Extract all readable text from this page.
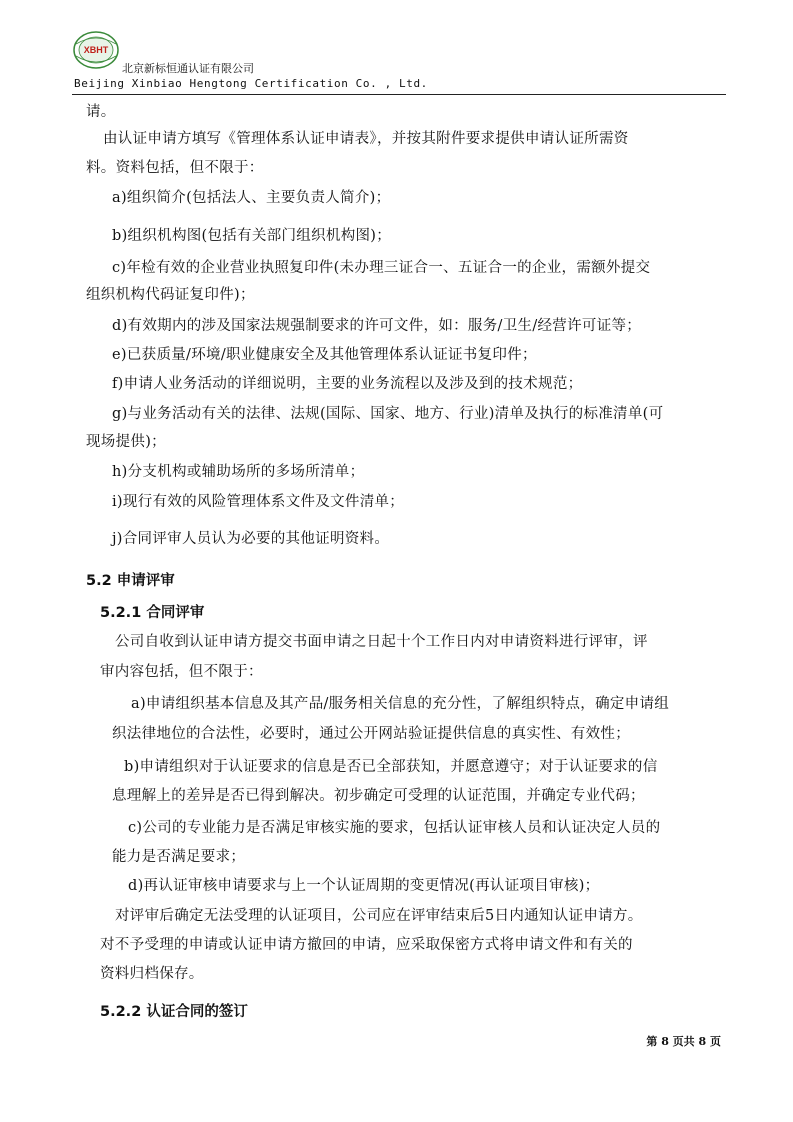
XBHT
北京新标恒通认证有限公司
Beijing Xinbiao Hengtong Certification Co. , Ltd.
请。
由认证申请方填写《管理体系认证申请表》，并按其附件要求提供申请认证所需资
料。资料包括，但不限于：
a)组织简介(包括法人、主要负责人简介)；
b)组织机构图(包括有关部门组织机构图)；
c)年检有效的企业营业执照复印件(未办理三证合一、五证合一的企业，需额外提交
组织机构代码证复印件)；
d)有效期内的涉及国家法规强制要求的许可文件，如：服务/卫生/经营许可证等；
e)已获质量/环境/职业健康安全及其他管理体系认证证书复印件；
f)申请人业务活动的详细说明，主要的业务流程以及涉及到的技术规范；
g)与业务活动有关的法律、法规(国际、国家、地方、行业)清单及执行的标准清单(可
现场提供)；
h)分支机构或辅助场所的多场所清单；
i)现行有效的风险管理体系文件及文件清单；
j)合同评审人员认为必要的其他证明资料。
5.2 申请评审
5.2.1 合同评审
公司自收到认证申请方提交书面申请之日起十个工作日内对申请资料进行评审，评
审内容包括，但不限于：
a)申请组织基本信息及其产品/服务相关信息的充分性，了解组织特点，确定申请组
织法律地位的合法性，必要时，通过公开网站验证提供信息的真实性、有效性；
b)申请组织对于认证要求的信息是否已全部获知，并愿意遵守；对于认证要求的信
息理解上的差异是否已得到解决。初步确定可受理的认证范围，并确定专业代码；
c)公司的专业能力是否满足审核实施的要求，包括认证审核人员和认证决定人员的
能力是否满足要求；
d)再认证审核申请要求与上一个认证周期的变更情况(再认证项目审核)；
对评审后确定无法受理的认证项目，公司应在评审结束后5日内通知认证申请方。
对不予受理的申请或认证申请方撤回的申请，应采取保密方式将申请文件和有关的
资料归档保存。
5.2.2 认证合同的签订
第 8 页共 8 页
